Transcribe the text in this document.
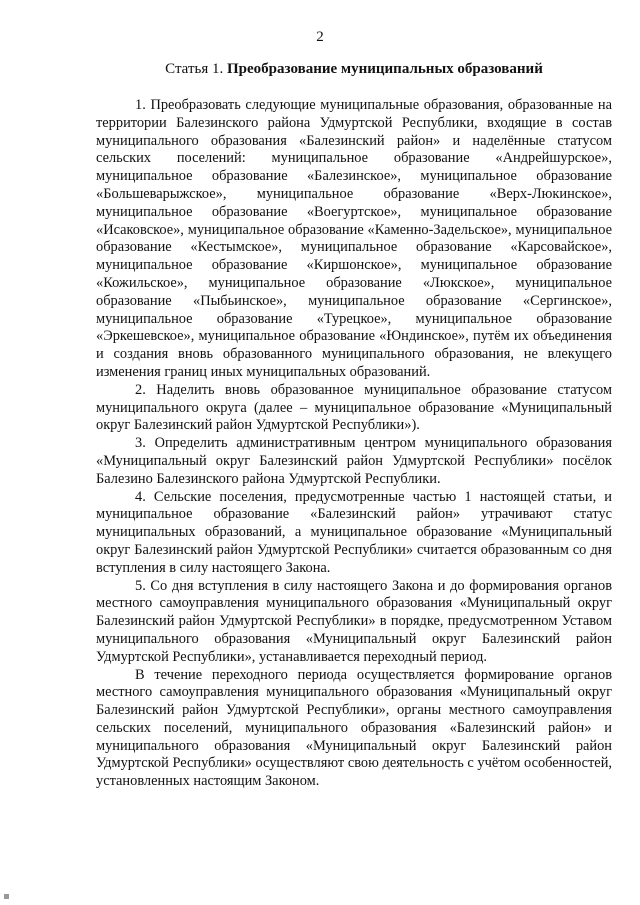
2
Статья 1. Преобразование муниципальных образований

1. Преобразовать следующие муниципальные образования, образованные на территории Балезинского района Удмуртской Республики, входящие в состав муниципального образования «Балезинский район» и наделённые статусом сельских поселений: муниципальное образование «Андрейшурское», муниципальное образование «Балезинское», муниципальное образование «Большеварыжское», муниципальное образование «Верх-Люкинское», муниципальное образование «Воегуртское», муниципальное образование «Исаковское», муниципальное образование «Каменно-Задельское», муниципальное образование «Кестымское», муниципальное образование «Карсовайское», муниципальное образование «Киршонское», муниципальное образование «Кожильское», муниципальное образование «Люкское», муниципальное образование «Пыбьинское», муниципальное образование «Сергинское», муниципальное образование «Турецкое», муниципальное образование «Эркешевское», муниципальное образование «Юндинское», путём их объединения и создания вновь образованного муниципального образования, не влекущего изменения границ иных муниципальных образований.

2. Наделить вновь образованное муниципальное образование статусом муниципального округа (далее – муниципальное образование «Муниципальный округ Балезинский район Удмуртской Республики»).

3. Определить административным центром муниципального образования «Муниципальный округ Балезинский район Удмуртской Республики» посёлок Балезино Балезинского района Удмуртской Республики.

4. Сельские поселения, предусмотренные частью 1 настоящей статьи, и муниципальное образование «Балезинский район» утрачивают статус муниципальных образований, а муниципальное образование «Муниципальный округ Балезинский район Удмуртской Республики» считается образованным со дня вступления в силу настоящего Закона.

5. Со дня вступления в силу настоящего Закона и до формирования органов местного самоуправления муниципального образования «Муниципальный округ Балезинский район Удмуртской Республики» в порядке, предусмотренном Уставом муниципального образования «Муниципальный округ Балезинский район Удмуртской Республики», устанавливается переходный период.

В течение переходного периода осуществляется формирование органов местного самоуправления муниципального образования «Муниципальный округ Балезинский район Удмуртской Республики», органы местного самоуправления сельских поселений, муниципального образования «Балезинский район» и муниципального образования «Муниципальный округ Балезинский район Удмуртской Республики» осуществляют свою деятельность с учётом особенностей, установленных настоящим Законом.
